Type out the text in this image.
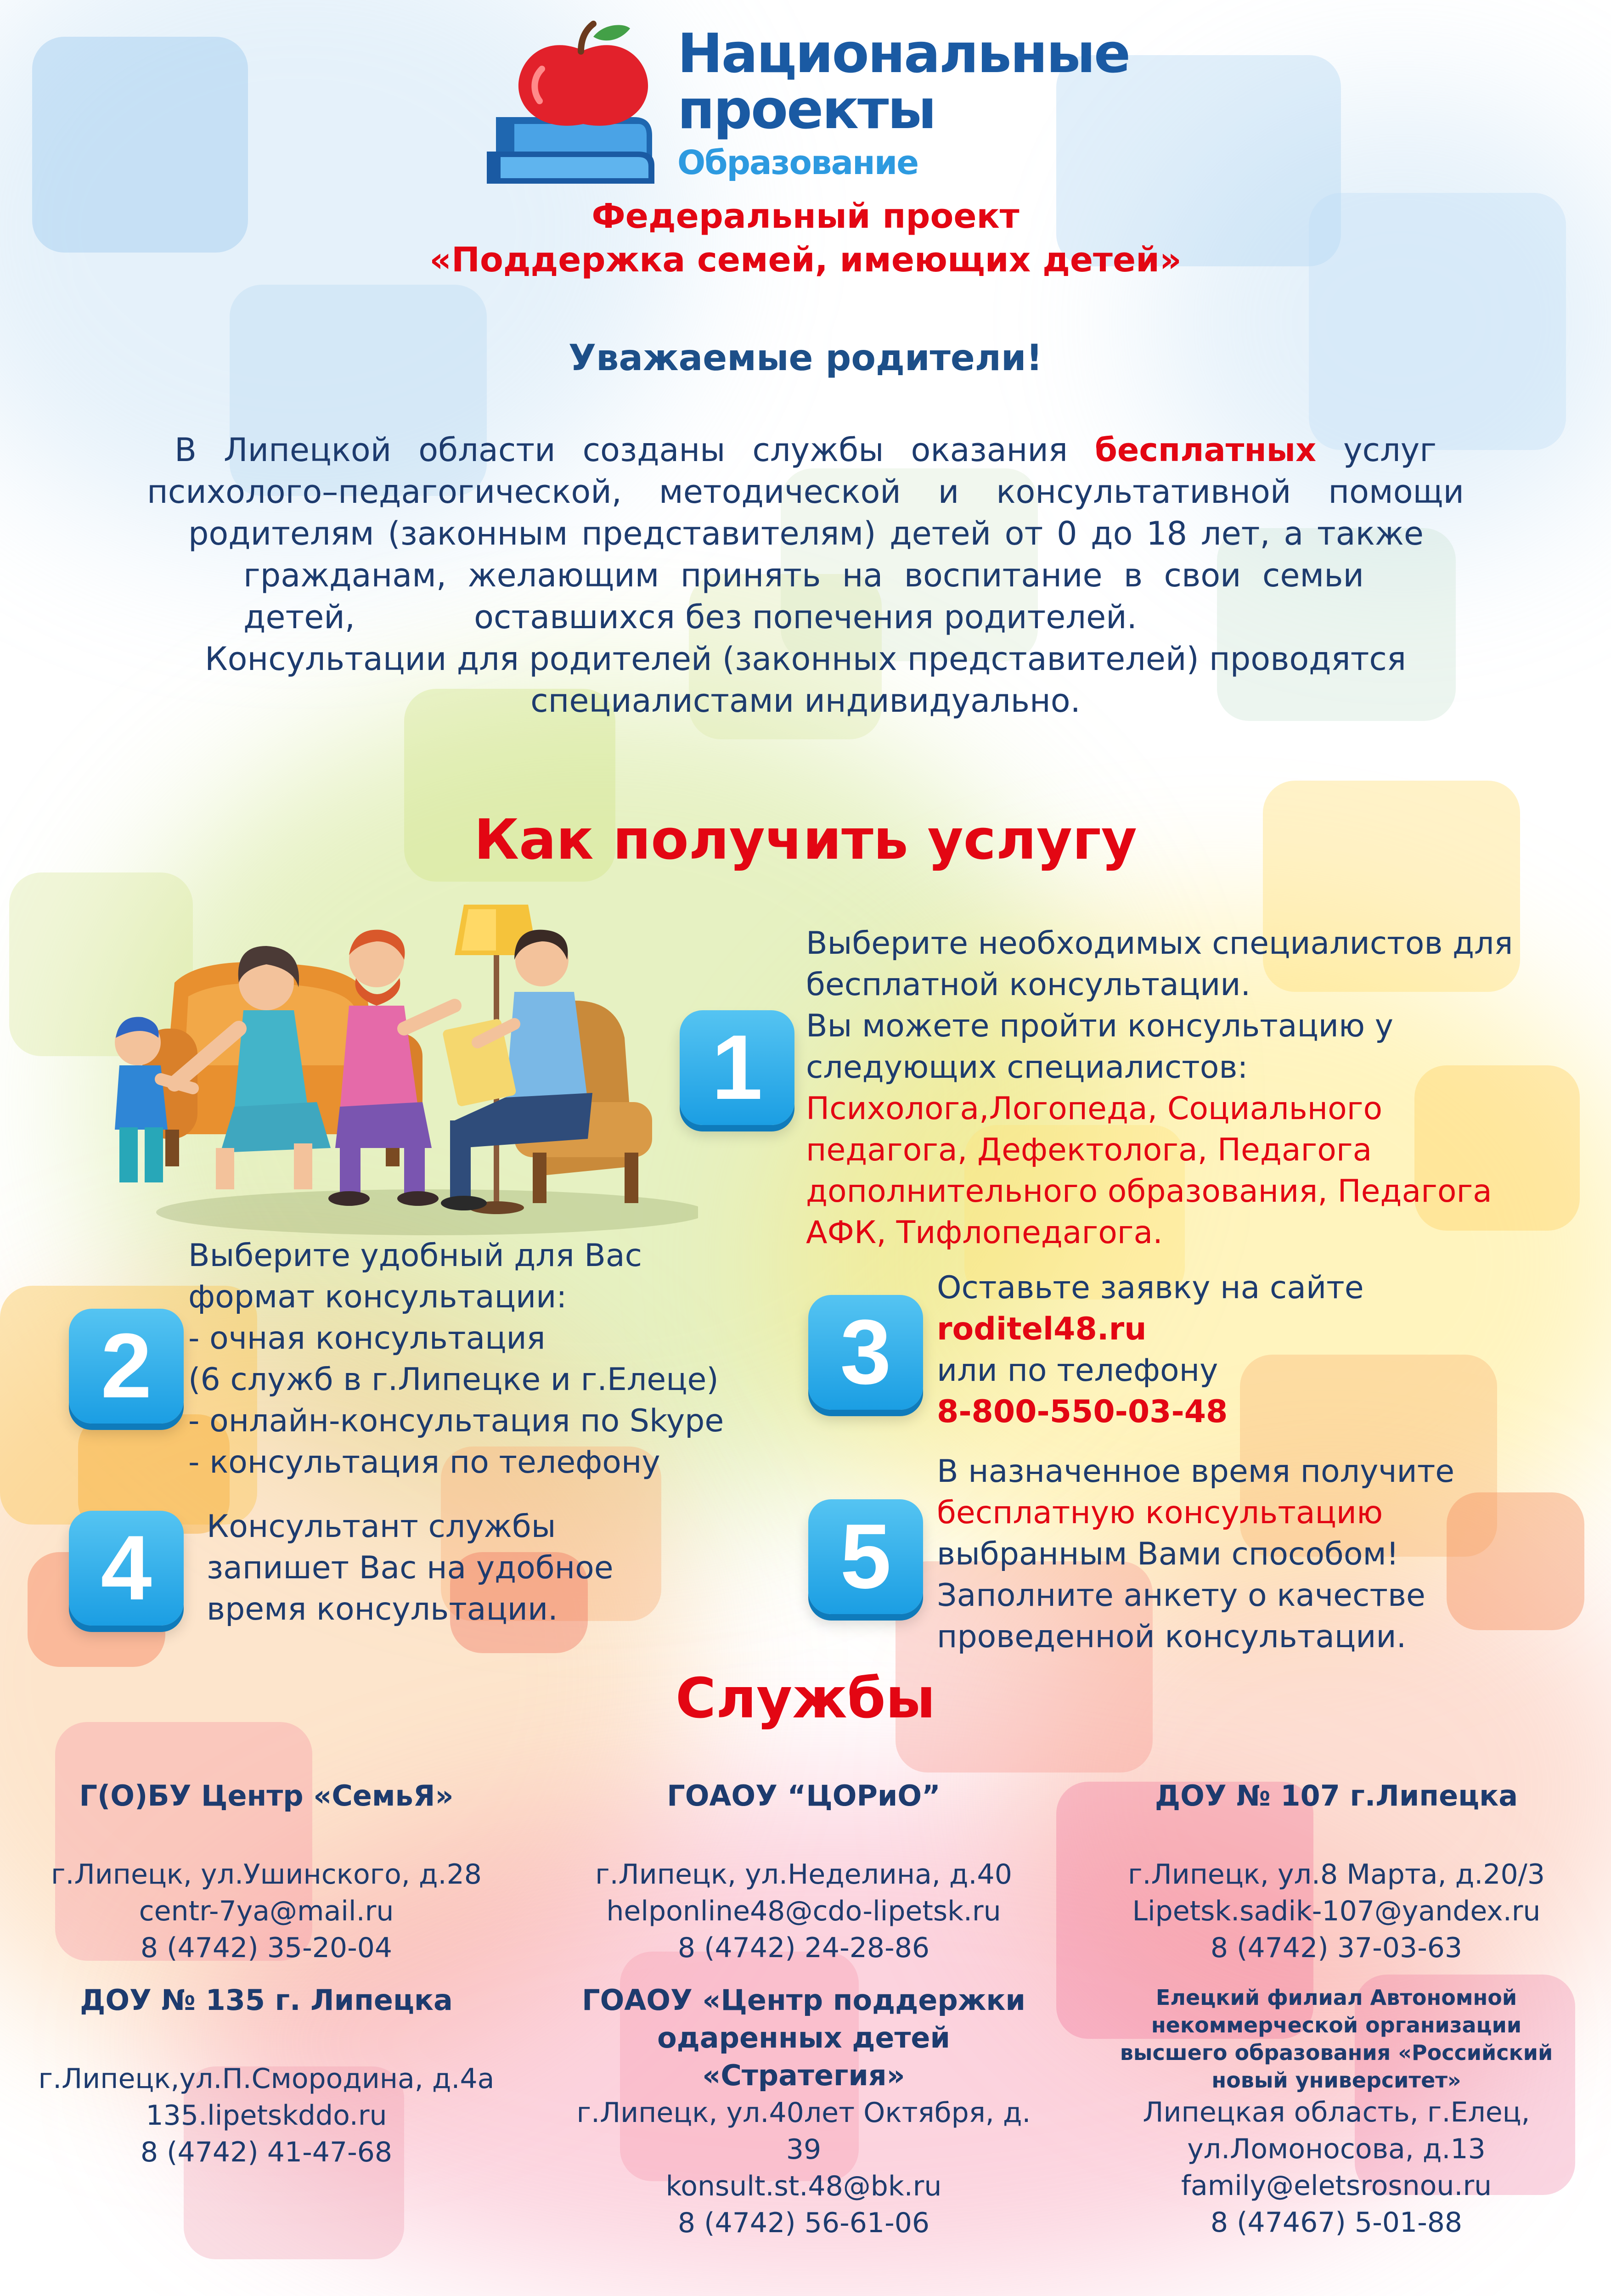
Национальные
проекты
Образование
Федеральный проект
«Поддержка семей, имеющих детей»
Уважаемые родители!
В Липецкой области созданы службы оказания бесплатных услуг
психолого–педагогической, методической и консультативной помощи
родителям (законным представителям) детей от 0 до 18 лет, а также
гражданам, желающим принять на воспитание в свои семьи детей,	оставшихся без попечения родителей.
Консультации для родителей (законных представителей) проводятся
специалистами индивидуально.
Как получить услугу
1
Выберите необходимых специалистов для
бесплатной консультации.
Вы можете пройти консультацию у
следующих специалистов:
Психолога,Логопеда, Социального
педагога, Дефектолога, Педагога
дополнительного образования, Педагога
АФК, Тифлопедагога.
2
Выберите удобный для Вас
формат консультации:
- очная консультация
(6 служб в г.Липецке и г.Елеце)
- онлайн-консультация по Skype
- консультация по телефону
3
Оставьте заявку на сайте
roditel48.ru
или по телефону
8-800-550-03-48
4	Консультант службы
запишет Вас на удобное
время консультации.
5
В назначенное время получите
бесплатную консультацию
выбранным Вами способом!
Заполните анкету о качестве
проведенной консультации.
Службы
Г(О)БУ Центр «СемьЯ»
г.Липецк, ул.Ушинского, д.28
centr-7ya@mail.ru
8 (4742) 35-20-04
ГОАОУ “ЦОРиО”
г.Липецк, ул.Неделина, д.40
helponline48@cdo-lipetsk.ru
8 (4742) 24-28-86
ДОУ № 107 г.Липецка
г.Липецк, ул.8 Марта, д.20/3
Lipetsk.sadik-107@yandex.ru
8 (4742) 37-03-63
ДОУ № 135 г. Липецка
г.Липецк,ул.П.Смородина, д.4а
135.lipetskddo.ru
8 (4742) 41-47-68
ГОАОУ «Центр поддержки
одаренных детей
«Стратегия»
г.Липецк, ул.40лет Октября, д.
39
konsult.st.48@bk.ru
8 (4742) 56-61-06
Елецкий филиал Автономной
некоммерческой организации
высшего образования «Российский
новый университет»
Липецкая область, г.Елец,
ул.Ломоносова, д.13
family@eletsrosnou.ru
8 (47467) 5-01-88
